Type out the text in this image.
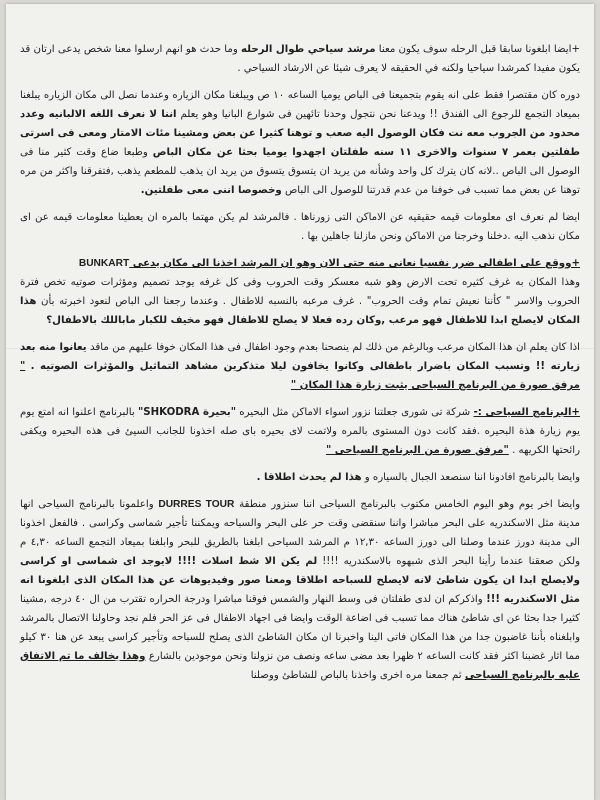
+ايضا ابلغونا سابقا قبل الرحله سوف يكون معنا مرشد سياحي طوال الرحله وما حدث هو انهم ارسلوا معنا شخص يدعى ارتان قد يكون مفيدا كمرشدا سياحيا ولكنه في الحقيقه لا يعرف شيئا عن الارشاد السياحي .

دوره كان مقتصرا فقط على انه يقوم بتجميعنا فى الباص يوميا الساعه ١٠ ص ويبلغنا مكان الزياره وعندما نصل الى مكان الزياره يبلغنا بميعاد التجمع للرجوع الى الفندق !! ويدعنا نحن نتجول وحدنا تائهين فى شوارع البانيا وهو يعلم اننا لا نعرف اللغه الالبانيه وعدد محدود من الجروب معه نت فكان الوصول اليه صعب و توهنا كثيرا عن بعض ومشينا مئات الامتار ومعى فى اسرتى طفلتين بعمر ٧ سنوات والاخرى ١١ سنه طفلتان اجهدوا يوميا بحثا عن مكان الباص وطبعا ضاع وقت كثير منا فى الوصول الى الباص ..لانه كان يترك كل واحد وشأنه من يريد ان يتسوق يتسوق من يريد ان يذهب للمطعم يذهب ,فتفرقنا واكثر من مره توهنا عن بعض مما تسبب فى خوفنا من عدم قدرتنا للوصول الى الباص وخصوصا اننى معى طفلتين.

ايضا لم نعرف اى معلومات قيمه حقيقيه عن الاماكن التى زورناها . فالمرشد لم يكن مهتما بالمره ان يعطينا معلومات قيمه عن اى مكان نذهب اليه .دخلنا وخرجنا من الاماكن ونحن مازلنا جاهلين بها .

+ووقع على اطفالى ضرر نفسيا نعانى منه حتى الان وهو ان المرشد اخذنا الى مكان يدعى BUNKART
وهذا المكان به غرف كثيره تحت الارض وهو شبه معسكر وقت الحروب وفى كل غرفه يوجد تصميم ومؤثرات صوتيه تخص فترة الحروب والاسر " كأننا نعيش تمام وقت الحروب" . غرف مرعبه بالنسبه للاطفال . وعندما رجعنا الى الباص لنعود اخبرته بأن هذا المكان لايصلح ابدا للاطفال فهو مرعب ,وكان رده فعلا لا يصلح للاطفال فهو مخيف للكبار ماباللك بالاطفال؟

اذا كان يعلم ان هذا المكان مرعب وبالرغم من ذلك لم ينصحنا بعدم وجود اطفال فى هذا المكان خوفا عليهم من ماقد يعانوا منه بعد زيارته !! وتسبب المكان باضرار باطفالى وكانوا يخافون ليلا متذكرين مشاهد التماثيل والمؤثرات الصوتيه . " مرفق صورة من البرنامج السياحى يثبت زيارة هذا المكان "

+البرنامج السياحى :- شركة تى شورى جعلتنا نزور اسواء الاماكن مثل البحيره "بحيرة SHKODRA" بالبرنامج اعلنوا انه امتع يوم يوم زيارة هذة البحيره .فقد كانت دون المستوى بالمره ولاتمت لاى بحيره باى صله اخذونا للجانب السيئ فى هذه البحيره ويكفى رائحتها الكريهه . "مرفق صورة من البرنامج السياحى "

وايضا بالبرنامج افادونا اننا سنصعد الجبال بالسياره و هذا لم يحدث اطلاقا .

وايضا اخر يوم وهو اليوم الخامس مكتوب بالبرنامج السياحى اننا سنزور منطقة DURRES TOUR واعلمونا بالبرنامج السياحى انها مدينة مثل الاسكندريه على البحر مباشرا واننا سنقضى وقت حر على البحر والسباحه ويمكننا تأجير شماسى وكراسى . فالفعل اخذونا الى مدينة دورز عندما وصلنا الى دورز الساعه ١٢,٣٠ م المرشد السياحى ابلغنا بالطريق للبحر وابلغنا بميعاد التجمع الساعه ٤,٣٠ م ولكن صعقنا عندما رأينا البحر الذى شبهوه بالاسكندريه !!!! لم يكن الا شط اسلات !!!! لايوجد اى شماسى او كراسى ولايصلح ابدا ان يكون شاطئ لانه لايصلح للسباحه اطلاقا ومعنا صور وفيديوهات عن هذا المكان الذى ابلغونا انه مثل الاسكندريه !!! واذكركم ان لدى طفلتان فى وسط النهار والشمس فوقنا مباشرا ودرجة الحراره تقترب من ال ٤٠ درجه ,مشينا كثيرا جدا بحثا عن اى شاطئ هناك مما تسبب فى اضاعة الوقت وايضا فى اجهاد الاطفال فى عز الحر فلم نجد وحاولنا الاتصال بالمرشد وابلغناه بأننا غاضبون جدا من هذا المكان فاتى الينا واخبرنا ان مكان الشاطئ الذى يصلح للسباحه وتأجير كراسى يبعد عن هنا ٣٠ كيلو مما اثار غضبنا اكثر فقد كانت الساعه ٢ ظهرا بعد مضى ساعه ونصف من نزولنا ونحن موجودين بالشارع وهذا يخالف ما تم الاتفاق عليه بالبرنامج السياحى ثم جمعنا مره اخرى واخذنا بالباص للشاطئ ووصلنا
